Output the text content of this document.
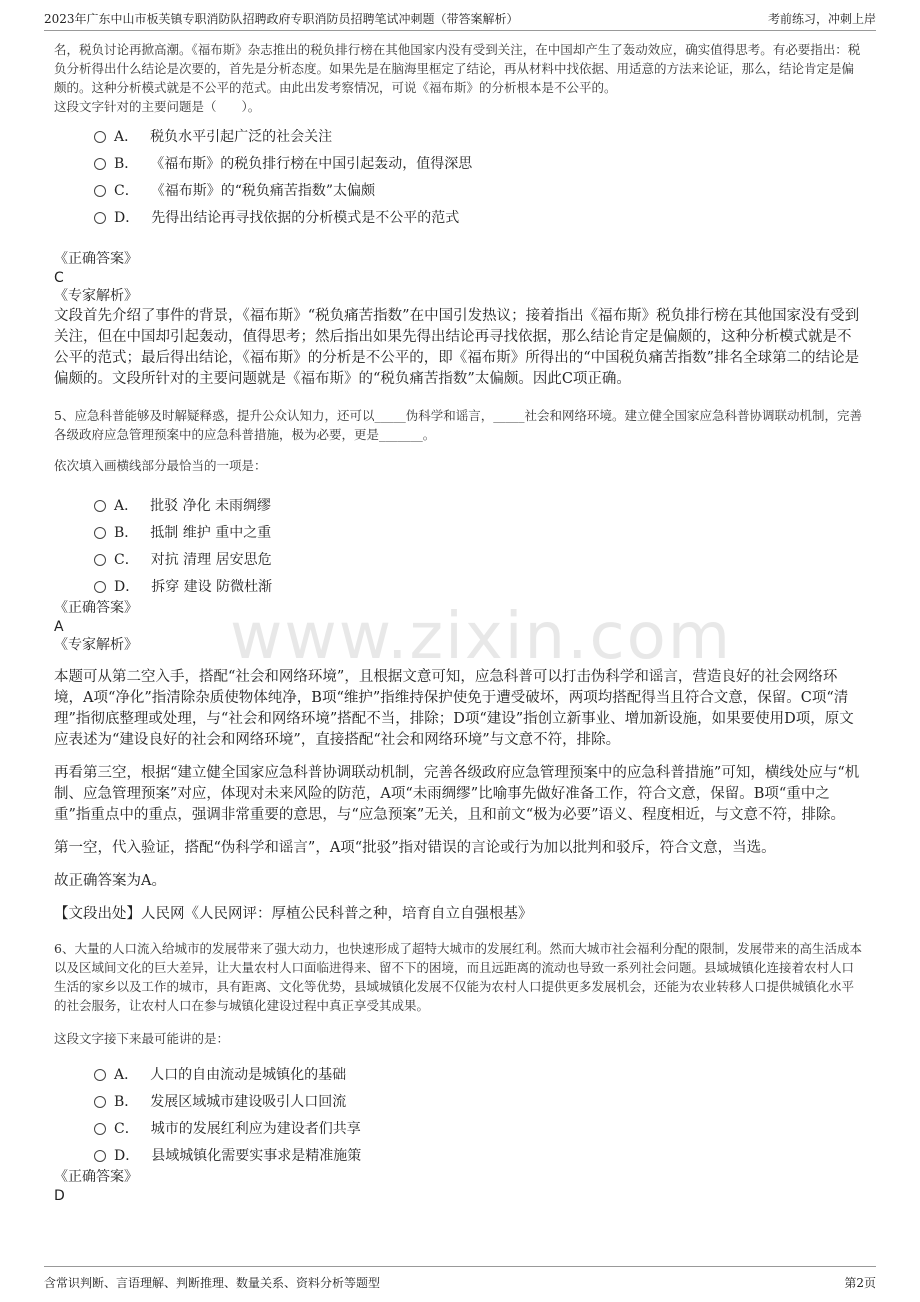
2023年广东中山市板芙镇专职消防队招聘政府专职消防员招聘笔试冲刺题（带答案解析）	考前练习，冲刺上岸
www.zixin.com

名，税负讨论再掀高潮。《福布斯》杂志推出的税负排行榜在其他国家内没有受到关注，在中国却产生了轰动效应，确实值得思考。有必要指出：税负分析得出什么结论是次要的，首先是分析态度。如果先是在脑海里框定了结论，再从材料中找依据、用适意的方法来论证，那么，结论肯定是偏颇的。这种分析模式就是不公平的范式。由此出发考察情况，可说《福布斯》的分析根本是不公平的。

这段文字针对的主要问题是（　　）。

A． 税负水平引起广泛的社会关注
B． 《福布斯》的税负排行榜在中国引起轰动，值得深思
C． 《福布斯》的“税负痛苦指数”太偏颇
D． 先得出结论再寻找依据的分析模式是不公平的范式

《正确答案》

C

《专家解析》

文段首先介绍了事件的背景，《福布斯》“税负痛苦指数”在中国引发热议；接着指出《福布斯》税负排行榜在其他国家没有受到关注，但在中国却引起轰动，值得思考；然后指出如果先得出结论再寻找依据，那么结论肯定是偏颇的，这种分析模式就是不公平的范式；最后得出结论，《福布斯》的分析是不公平的，即《福布斯》所得出的“中国税负痛苦指数”排名全球第二的结论是偏颇的。文段所针对的主要问题就是《福布斯》的“税负痛苦指数”太偏颇。因此C项正确。

5、应急科普能够及时解疑释惑，提升公众认知力，还可以_____伪科学和谣言，_____社会和网络环境。建立健全国家应急科普协调联动机制，完善各级政府应急管理预案中的应急科普措施，极为必要，更是_______。

依次填入画横线部分最恰当的一项是：

A． 批驳 净化 未雨绸缪
B． 抵制 维护 重中之重
C． 对抗 清理 居安思危
D． 拆穿 建设 防微杜渐

《正确答案》

A

《专家解析》

本题可从第二空入手，搭配“社会和网络环境”，且根据文意可知，应急科普可以打击伪科学和谣言，营造良好的社会网络环境，A项“净化”指清除杂质使物体纯净，B项“维护”指维持保护使免于遭受破坏，两项均搭配得当且符合文意，保留。C项“清理”指彻底整理或处理，与“社会和网络环境”搭配不当，排除；D项“建设”指创立新事业、增加新设施，如果要使用D项，原文应表述为“建设良好的社会和网络环境”，直接搭配“社会和网络环境”与文意不符，排除。

再看第三空，根据“建立健全国家应急科普协调联动机制，完善各级政府应急管理预案中的应急科普措施”可知，横线处应与“机制、应急管理预案”对应，体现对未来风险的防范，A项“未雨绸缪”比喻事先做好准备工作，符合文意，保留。B项“重中之重”指重点中的重点，强调非常重要的意思，与“应急预案”无关，且和前文“极为必要”语义、程度相近，与文意不符，排除。

第一空，代入验证，搭配“伪科学和谣言”，A项“批驳”指对错误的言论或行为加以批判和驳斥，符合文意，当选。

故正确答案为A。

【文段出处】人民网《人民网评：厚植公民科普之种，培育自立自强根基》

6、大量的人口流入给城市的发展带来了强大动力，也快速形成了超特大城市的发展红利。然而大城市社会福利分配的限制，发展带来的高生活成本以及区域间文化的巨大差异，让大量农村人口面临进得来、留不下的困境，而且远距离的流动也导致一系列社会问题。县域城镇化连接着农村人口生活的家乡以及工作的城市，具有距离、文化等优势，县域城镇化发展不仅能为农村人口提供更多发展机会，还能为农业转移人口提供城镇化水平的社会服务，让农村人口在参与城镇化建设过程中真正享受其成果。

这段文字接下来最可能讲的是：

A． 人口的自由流动是城镇化的基础
B． 发展区域城市建设吸引人口回流
C． 城市的发展红利应为建设者们共享
D． 县域城镇化需要实事求是精准施策

《正确答案》

D

含常识判断、言语理解、判断推理、数量关系、资料分析等题型	第2页
